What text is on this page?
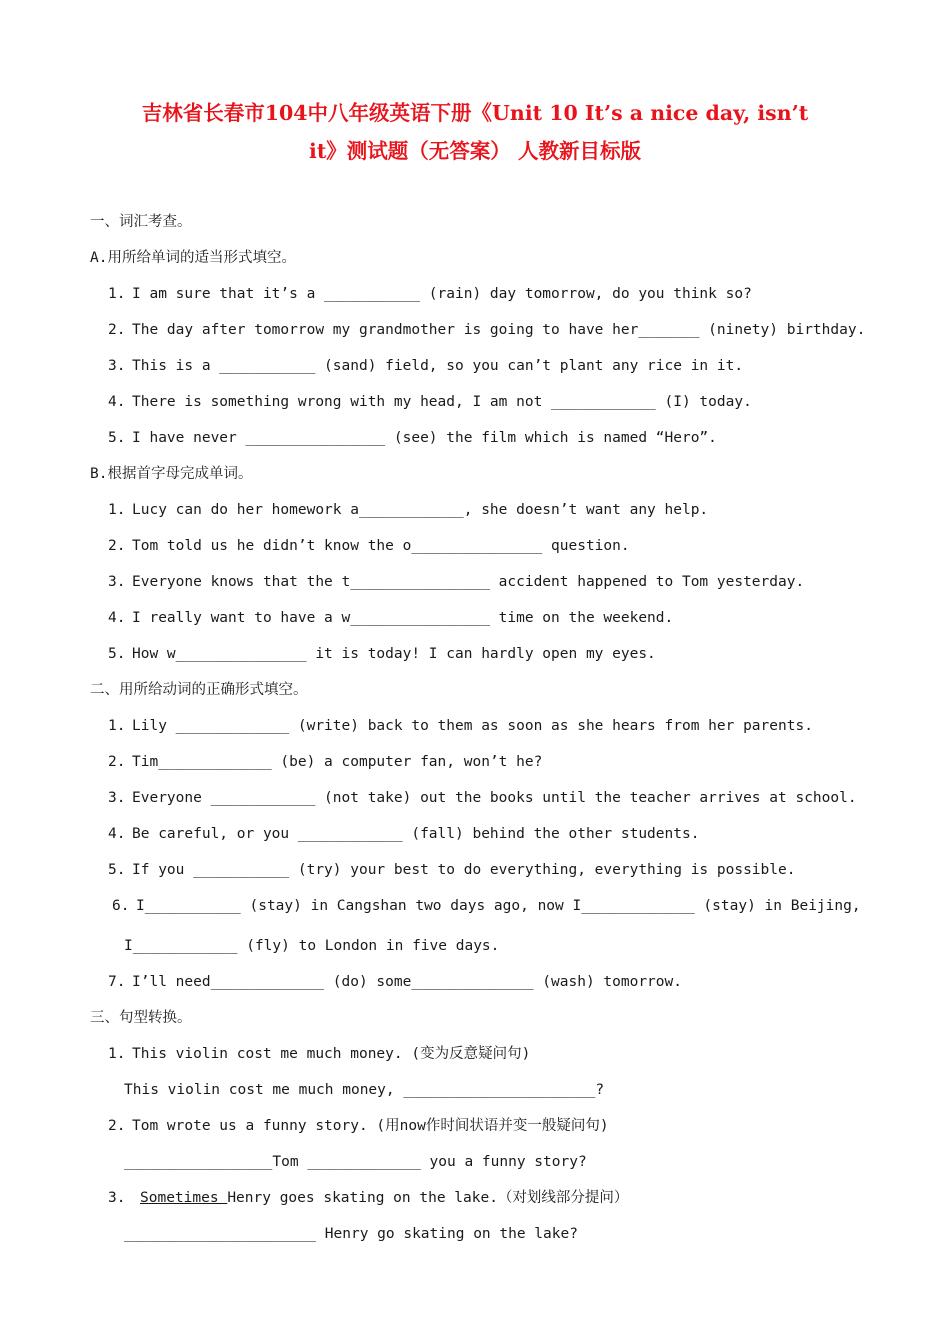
吉林省长春市104中八年级英语下册《Unit 10 It’s a nice day, isn’t
it》测试题（无答案） 人教新目标版
一、词汇考查。
A.用所给单词的适当形式填空。
1. I am sure that it’s a ___________ (rain) day tomorrow, do you think so?
2. The day after tomorrow my grandmother is going to have her_______ (ninety) birthday.
3. This is a ___________ (sand) field, so you can’t plant any rice in it.
4. There is something wrong with my head, I am not ____________ (I) today.
5. I have never ________________ (see) the film which is named “Hero”.
B.根据首字母完成单词。
1. Lucy can do her homework a____________, she doesn’t want any help.
2. Tom told us he didn’t know the o_______________ question.
3. Everyone knows that the t________________ accident happened to Tom yesterday.
4. I really want to have a w________________ time on the weekend.
5. How w_______________ it is today! I can hardly open my eyes.
二、用所给动词的正确形式填空。
1. Lily _____________ (write) back to them as soon as she hears from her parents.
2. Tim_____________ (be) a computer fan, won’t he?
3. Everyone ____________ (not take) out the books until the teacher arrives at school.
4. Be careful, or you ____________ (fall) behind the other students.
5. If you ___________ (try) your best to do everything, everything is possible.
6. I___________ (stay) in Cangshan two days ago, now I_____________ (stay) in Beijing,
I____________ (fly) to London in five days.
7. I’ll need_____________ (do) some______________ (wash) tomorrow.
三、句型转换。
1. This violin cost me much money. (变为反意疑问句)
This violin cost me much money, ______________________?
2. Tom wrote us a funny story. (用now作时间状语并变一般疑问句)
_________________Tom _____________ you a funny story?
3. Sometimes Henry goes skating on the lake.（对划线部分提问）
______________________ Henry go skating on the lake?
